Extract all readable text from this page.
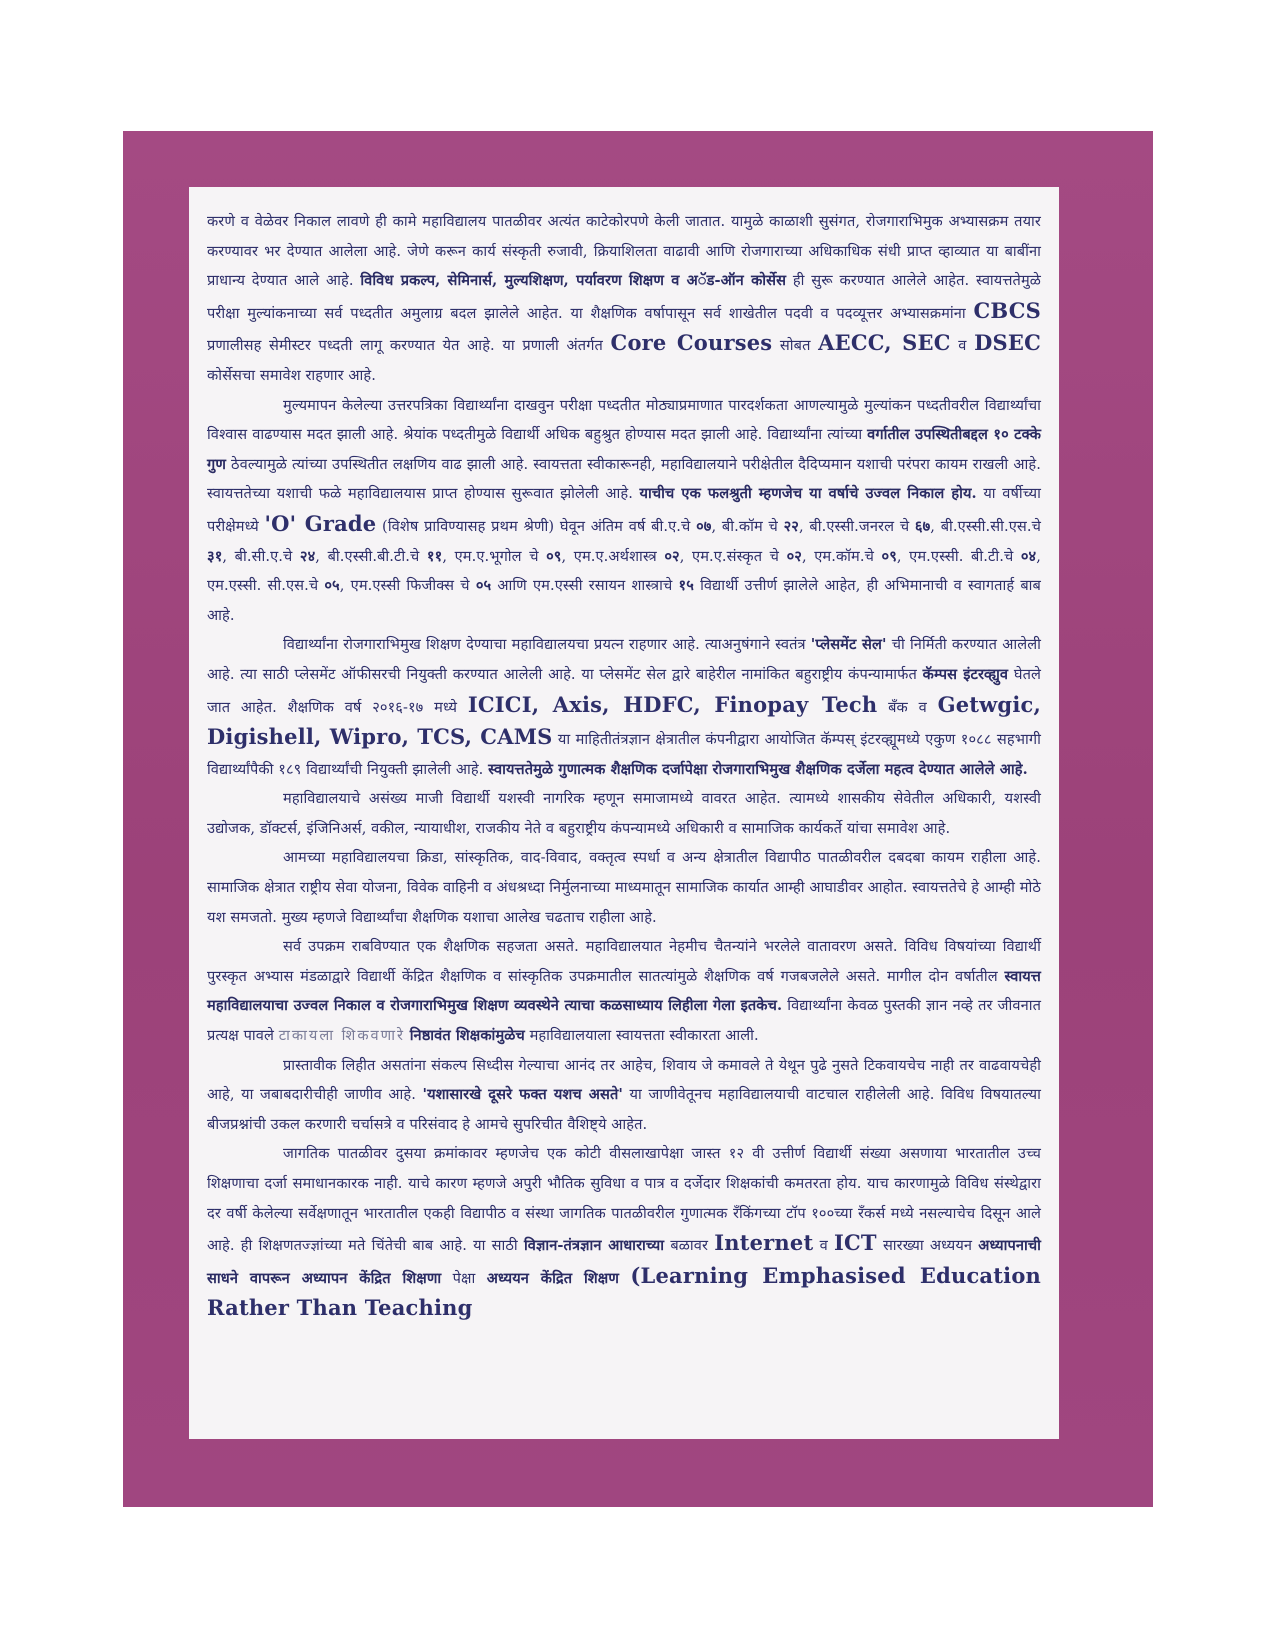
करणे व वेळेवर निकाल लावणे ही कामे महाविद्यालय पातळीवर अत्यंत काटेकोरपणे केली जातात. यामुळे काळाशी सुसंगत, रोजगाराभिमुक अभ्यासक्रम तयार करण्यावर भर देण्यात आलेला आहे. जेणे करून कार्य संस्कृती रुजावी, क्रियाशिलता वाढावी आणि रोजगाराच्या अधिकाधिक संधी प्राप्त व्हाव्यात या बाबींना प्राधान्य देण्यात आले आहे. विविध प्रकल्प, सेमिनार्स, मुल्यशिक्षण, पर्यावरण शिक्षण व अॅड-ऑन कोर्सेस ही सुरू करण्यात आलेले आहेत. स्वायत्ततेमुळे परीक्षा मुल्यांकनाच्या सर्व पध्दतीत अमुलाग्र बदल झालेले आहेत. या शैक्षणिक वर्षापासून सर्व शाखेतील पदवी व पदव्यूत्तर अभ्यासक्रमांना CBCS प्रणालीसह सेमीस्टर पध्दती लागू करण्यात येत आहे. या प्रणाली अंतर्गत Core Courses सोबत AECC, SEC व DSEC कोर्सेसचा समावेश राहणार आहे.

मुल्यमापन केलेल्या उत्तरपत्रिका विद्यार्थ्यांना दाखवुन परीक्षा पध्दतीत मोठ्याप्रमाणात पारदर्शकता आणल्यामुळे मुल्यांकन पध्दतीवरील विद्यार्थ्यांचा विश्वास वाढण्यास मदत झाली आहे. श्रेयांक पध्दतीमुळे विद्यार्थी अधिक बहुश्रुत होण्यास मदत झाली आहे. विद्यार्थ्यांना त्यांच्या वर्गातील उपस्थितीबद्दल १० टक्के गुण ठेवल्यामुळे त्यांच्या उपस्थितीत लक्षणिय वाढ झाली आहे. स्वायत्तता स्वीकारूनही, महाविद्यालयाने परीक्षेतील दैदिप्यमान यशाची परंपरा कायम राखली आहे. स्वायत्ततेच्या यशाची फळे महाविद्यालयास प्राप्त होण्यास सुरूवात झोलेली आहे. याचीच एक फलश्रुती म्हणजेच या वर्षाचे उज्वल निकाल होय. या वर्षीच्या परीक्षेमध्ये 'O' Grade (विशेष प्राविण्यासह प्रथम श्रेणी) घेवून अंतिम वर्ष बी.ए.चे ०७, बी.कॉम चे २२, बी.एस्सी.जनरल चे ६७, बी.एस्सी.सी.एस.चे ३१, बी.सी.ए.चे २४, बी.एस्सी.बी.टी.चे ११, एम.ए.भूगोल चे ०९, एम.ए.अर्थशास्त्र ०२, एम.ए.संस्कृत चे ०२, एम.कॉम.चे ०९, एम.एस्सी. बी.टी.चे ०४, एम.एस्सी. सी.एस.चे ०५, एम.एस्सी फिजीक्स चे ०५ आणि एम.एस्सी रसायन शास्त्राचे १५ विद्यार्थी उत्तीर्ण झालेले आहेत, ही अभिमानाची व स्वागतार्ह बाब आहे.

विद्यार्थ्यांना रोजगाराभिमुख शिक्षण देण्याचा महाविद्यालयचा प्रयत्न राहणार आहे. त्याअनुषंगाने स्वतंत्र 'प्लेसमेंट सेल' ची निर्मिती करण्यात आलेली आहे. त्या साठी प्लेसमेंट ऑफीसरची नियुक्ती करण्यात आलेली आहे. या प्लेसमेंट सेल द्वारे बाहेरील नामांकित बहुराष्ट्रीय कंपन्यामार्फत कॅम्पस इंटरव्ह्युव घेतले जात आहेत. शैक्षणिक वर्ष २०१६-१७ मध्ये ICICI, Axis, HDFC, Finopay Tech बँक व Getwgic, Digishell, Wipro, TCS, CAMS या माहितीतंत्रज्ञान क्षेत्रातील कंपनीद्वारा आयोजित कॅम्पस् इंटरव्ह्यूमध्ये एकुण १०८८ सहभागी विद्यार्थ्यांपैकी १८९ विद्यार्थ्यांची नियुक्ती झालेली आहे. स्वायत्ततेमुळे गुणात्मक शैक्षणिक दर्जापेक्षा रोजगाराभिमुख शैक्षणिक दर्जेला महत्व देण्यात आलेले आहे.

महाविद्यालयाचे असंख्य माजी विद्यार्थी यशस्वी नागरिक म्हणून समाजामध्ये वावरत आहेत. त्यामध्ये शासकीय सेवेतील अधिकारी, यशस्वी उद्योजक, डॉक्टर्स, इंजिनिअर्स, वकील, न्यायाधीश, राजकीय नेते व बहुराष्ट्रीय कंपन्यामध्ये अधिकारी व सामाजिक कार्यकर्ते यांचा समावेश आहे.

आमच्या महाविद्यालयचा क्रिडा, सांस्कृतिक, वाद-विवाद, वक्तृत्व स्पर्धा व अन्य क्षेत्रातील विद्यापीठ पातळीवरील दबदबा कायम राहीला आहे. सामाजिक क्षेत्रात राष्ट्रीय सेवा योजना, विवेक वाहिनी व अंधश्रध्दा निर्मुलनाच्या माध्यमातून सामाजिक कार्यात आम्ही आघाडीवर आहोत. स्वायत्ततेचे हे आम्ही मोठे यश समजतो. मुख्य म्हणजे विद्यार्थ्यांचा शैक्षणिक यशाचा आलेख चढताच राहीला आहे.

सर्व उपक्रम राबविण्यात एक शैक्षणिक सहजता असते. महाविद्यालयात नेहमीच चैतन्यांने भरलेले वातावरण असते. विविध विषयांच्या विद्यार्थी पुरस्कृत अभ्यास मंडळाद्वारे विद्यार्थी केंद्रित शैक्षणिक व सांस्कृतिक उपक्रमातील सातत्यांमुळे शैक्षणिक वर्ष गजबजलेले असते. मागील दोन वर्षातील स्वायत्त महाविद्यालयाचा उज्वल निकाल व रोजगाराभिमुख शिक्षण व्यवस्थेने त्याचा कळसाध्याय लिहीला गेला इतकेच. विद्यार्थ्यांना केवळ पुस्तकी ज्ञान नव्हे तर जीवनात प्रत्यक्ष पावले टाकायला शिकवणारे निष्ठावंत शिक्षकांमुळेच महाविद्यालयाला स्वायत्तता स्वीकारता आली.

प्रास्तावीक लिहीत असतांना संकल्प सिध्दीस गेल्याचा आनंद तर आहेच, शिवाय जे कमावले ते येथून पुढे नुसते टिकवायचेच नाही तर वाढवायचेही आहे, या जबाबदारीचीही जाणीव आहे. 'यशासारखे दूसरे फक्त यशच असते' या जाणीवेतूनच महाविद्यालयाची वाटचाल राहीलेली आहे. विविध विषयातल्या बीजप्रश्नांची उकल करणारी चर्चासत्रे व परिसंवाद हे आमचे सुपरिचीत वैशिष्ट्ये आहेत.

जागतिक पातळीवर दुसया क्रमांकावर म्हणजेच एक कोटी वीसलाखापेक्षा जास्त १२ वी उत्तीर्ण विद्यार्थी संख्या असणाया भारतातील उच्च शिक्षणाचा दर्जा समाधानकारक नाही. याचे कारण म्हणजे अपुरी भौतिक सुविधा व पात्र व दर्जेदार शिक्षकांची कमतरता होय. याच कारणामुळे विविध संस्थेद्वारा दर वर्षी केलेल्या सर्वेक्षणातून भारतातील एकही विद्यापीठ व संस्था जागतिक पातळीवरील गुणात्मक रॅंकिंगच्या टॉप १००च्या रॅंकर्स मध्ये नसल्याचेच दिसून आले आहे. ही शिक्षणतज्ज्ञांच्या मते चिंतेची बाब आहे. या साठी विज्ञान-तंत्रज्ञान आधाराच्या बळावर Internet व ICT सारख्या अध्ययन अध्यापनाची साधने वापरून अध्यापन केंद्रित शिक्षणा पेक्षा अध्ययन केंद्रित शिक्षण (Learning Emphasised Education Rather Than Teaching
